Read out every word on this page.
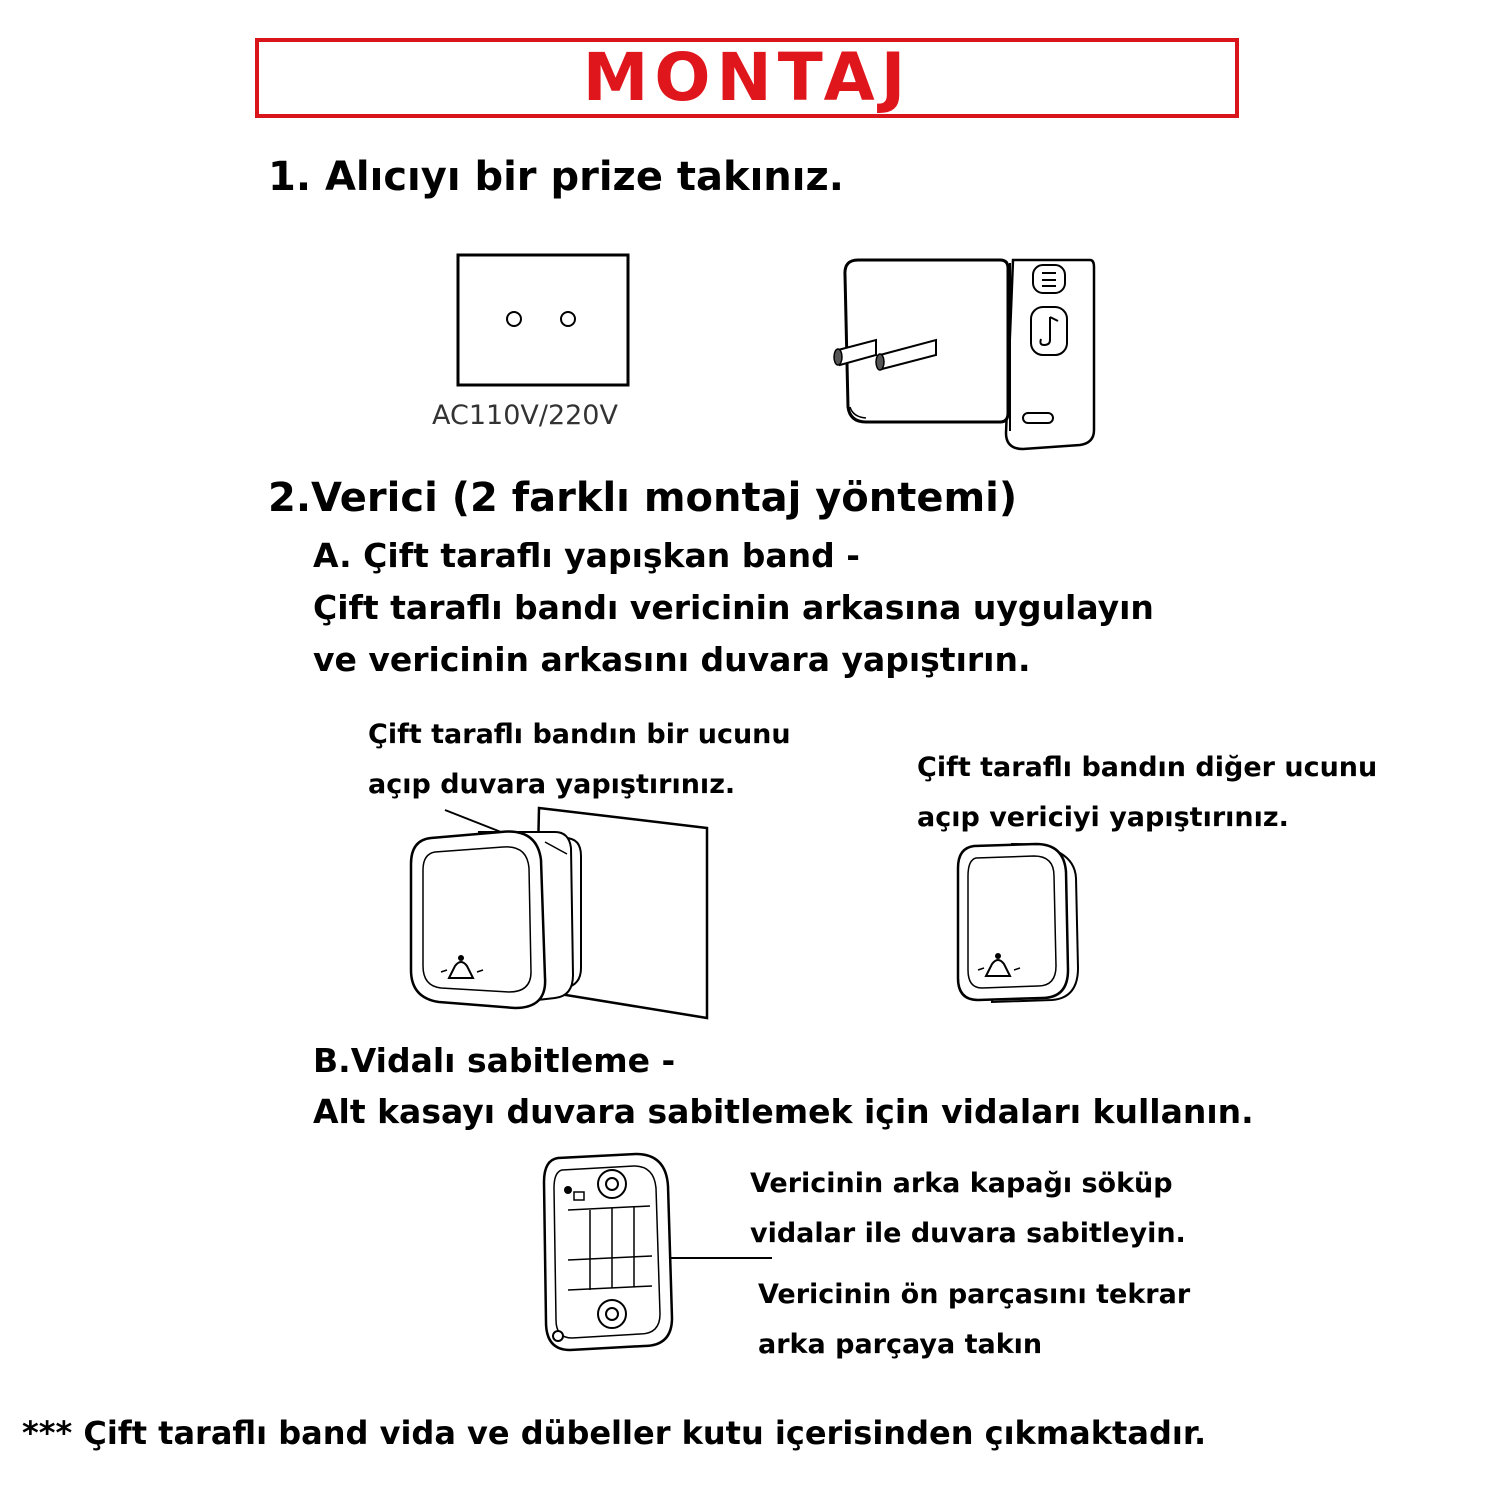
MONTAJ
1. Alıcıyı bir prize takınız.
AC110V/220V
2.Verici (2 farklı montaj yöntemi)
A. Çift taraflı yapışkan band -
Çift taraflı bandı vericinin arkasına uygulayın
ve vericinin arkasını duvara yapıştırın.
Çift taraflı bandın bir ucunu
açıp duvara yapıştırınız.
Çift taraflı bandın diğer ucunu
açıp vericiyi yapıştırınız.
B.Vidalı sabitleme -
Alt kasayı duvara sabitlemek için vidaları kullanın.
Vericinin arka kapağı söküp
vidalar ile duvara sabitleyin.
Vericinin ön parçasını tekrar
arka parçaya takın
*** Çift taraflı band vida ve dübeller kutu içerisinden çıkmaktadır.
